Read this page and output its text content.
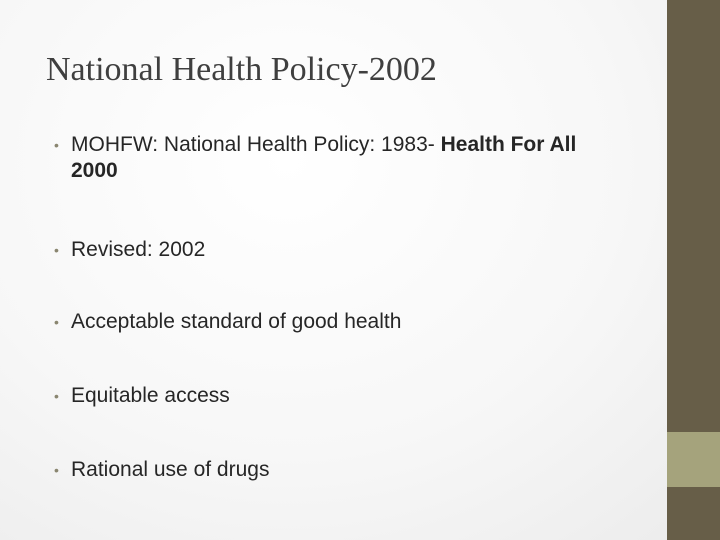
National Health Policy-2002
• MOHFW: National Health Policy: 1983- Health For All 2000
• Revised: 2002
• Acceptable standard of good health
• Equitable access
• Rational use of drugs
